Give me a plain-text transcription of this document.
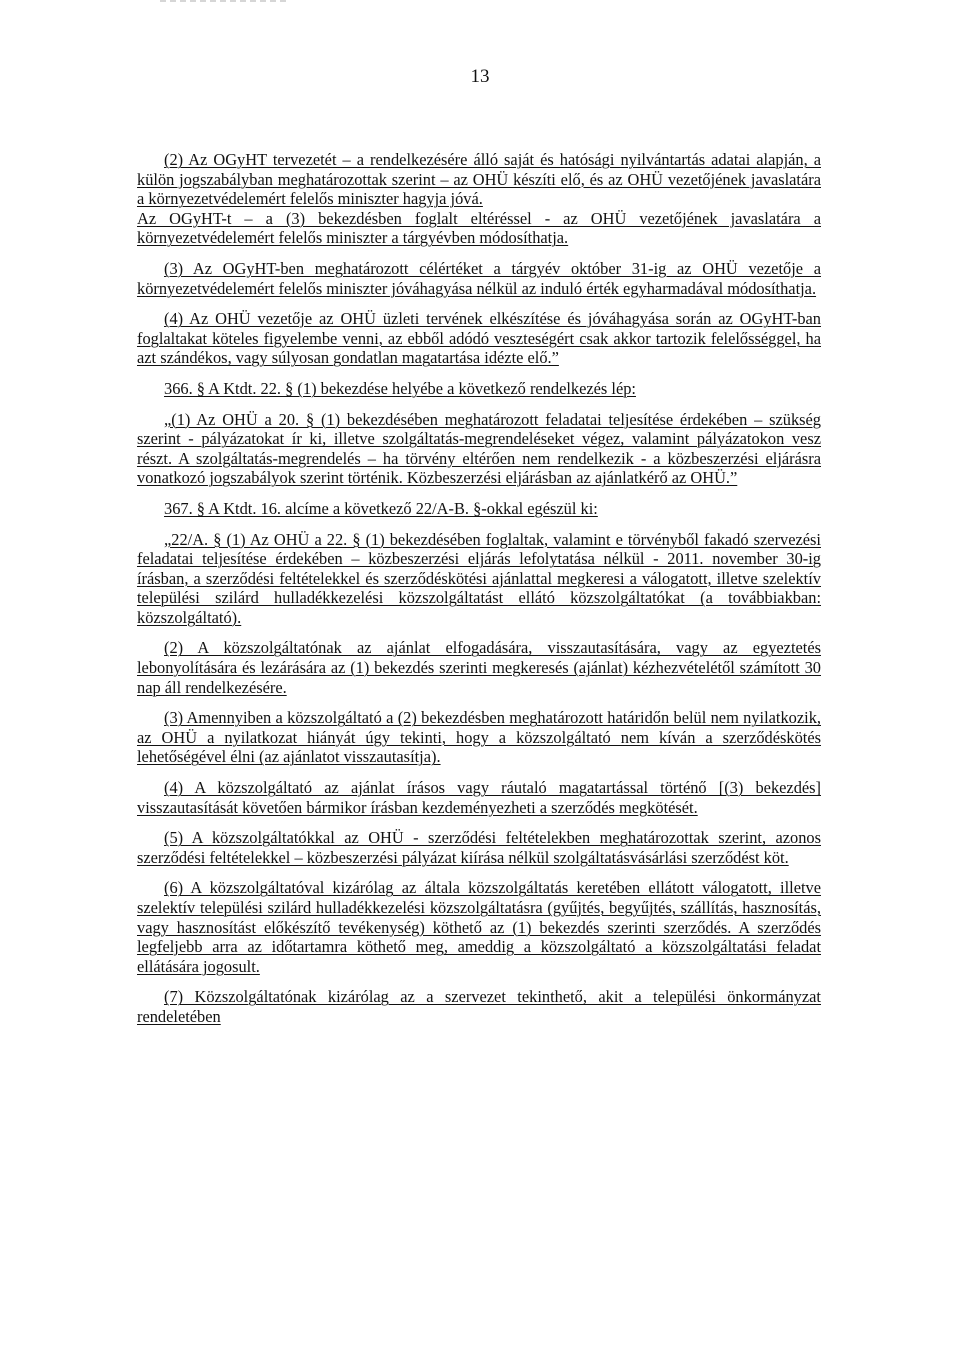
13

(2) Az OGyHT tervezetét – a rendelkezésére álló saját és hatósági nyilvántartás adatai alapján, a külön jogszabályban meghatározottak szerint – az OHÜ készíti elő, és az OHÜ vezetőjének javaslatára a környezetvédelemért felelős miniszter hagyja jóvá.

Az OGyHT-t – a (3) bekezdésben foglalt eltéréssel - az OHÜ vezetőjének javaslatára a környezetvédelemért felelős miniszter a tárgyévben módosíthatja.

(3) Az OGyHT-ben meghatározott célértéket a tárgyév október 31-ig az OHÜ vezetője a környezetvédelemért felelős miniszter jóváhagyása nélkül az induló érték egyharmadával módosíthatja.

(4) Az OHÜ vezetője az OHÜ üzleti tervének elkészítése és jóváhagyása során az OGyHT-ban foglaltakat köteles figyelembe venni, az ebből adódó veszteségért csak akkor tartozik felelősséggel, ha azt szándékos, vagy súlyosan gondatlan magatartása idézte elő.”

366. § A Ktdt. 22. § (1) bekezdése helyébe a következő rendelkezés lép:

„(1) Az OHÜ a 20. § (1) bekezdésében meghatározott feladatai teljesítése érdekében – szükség szerint - pályázatokat ír ki, illetve szolgáltatás-megrendeléseket végez, valamint pályázatokon vesz részt. A szolgáltatás-megrendelés – ha törvény eltérően nem rendelkezik - a közbeszerzési eljárásra vonatkozó jogszabályok szerint történik. Közbeszerzési eljárásban az ajánlatkérő az OHÜ.”

367. § A Ktdt. 16. alcíme a következő 22/A-B. §-okkal egészül ki:

„22/A. § (1) Az OHÜ a 22. § (1) bekezdésében foglaltak, valamint e törvényből fakadó szervezési feladatai teljesítése érdekében – közbeszerzési eljárás lefolytatása nélkül - 2011. november 30-ig írásban, a szerződési feltételekkel és szerződéskötési ajánlattal megkeresi a válogatott, illetve szelektív települési szilárd hulladékkezelési közszolgáltatást ellátó közszolgáltatókat (a továbbiakban: közszolgáltató).

(2) A közszolgáltatónak az ajánlat elfogadására, visszautasítására, vagy az egyeztetés lebonyolítására és lezárására az (1) bekezdés szerinti megkeresés (ajánlat) kézhezvételétől számított 30 nap áll rendelkezésére.

(3) Amennyiben a közszolgáltató a (2) bekezdésben meghatározott határidőn belül nem nyilatkozik, az OHÜ a nyilatkozat hiányát úgy tekinti, hogy a közszolgáltató nem kíván a szerződéskötés lehetőségével élni (az ajánlatot visszautasítja).

(4) A közszolgáltató az ajánlat írásos vagy ráutaló magatartással történő [(3) bekezdés] visszautasítását követően bármikor írásban kezdeményezheti a szerződés megkötését.

(5) A közszolgáltatókkal az OHÜ - szerződési feltételekben meghatározottak szerint, azonos szerződési feltételekkel – közbeszerzési pályázat kiírása nélkül szolgáltatásvásárlási szerződést köt.

(6) A közszolgáltatóval kizárólag az általa közszolgáltatás keretében ellátott válogatott, illetve szelektív települési szilárd hulladékkezelési közszolgáltatásra (gyűjtés, begyűjtés, szállítás, hasznosítás, vagy hasznosítást előkészítő tevékenység) köthető az (1) bekezdés szerinti szerződés. A szerződés legfeljebb arra az időtartamra köthető meg, ameddig a közszolgáltató a közszolgáltatási feladat ellátására jogosult.

(7) Közszolgáltatónak kizárólag az a szervezet tekinthető, akit a települési önkormányzat rendeletében
